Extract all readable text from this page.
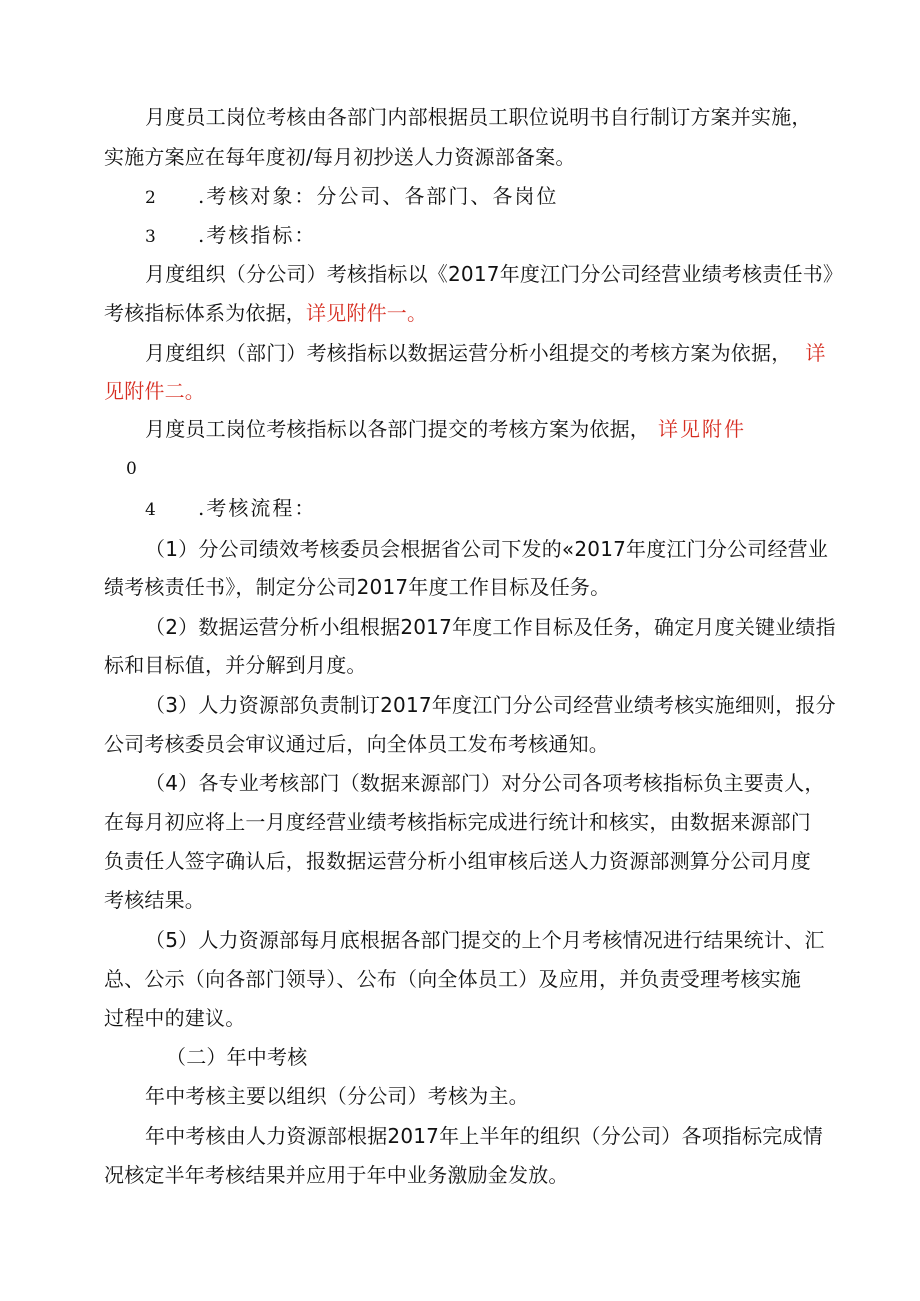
月度员工岗位考核由各部门内部根据员工职位说明书自行制订方案并实施，

实施方案应在每年度初/每月初抄送人力资源部备案。

2 .考核对象：分公司、各部门、各岗位

3 .考核指标：

月度组织（分公司）考核指标以《2017年度江门分公司经营业绩考核责任书》

考核指标体系为依据，详见附件一。

月度组织（部门）考核指标以数据运营分析小组提交的考核方案为依据， 详

见附件二。

月度员工岗位考核指标以各部门提交的考核方案为依据， 详见附件

0

4 .考核流程：

（1）分公司绩效考核委员会根据省公司下发的«2017年度江门分公司经营业

绩考核责任书》，制定分公司2017年度工作目标及任务。

（2）数据运营分析小组根据2017年度工作目标及任务，确定月度关键业绩指

标和目标值，并分解到月度。

（3）人力资源部负责制订2017年度江门分公司经营业绩考核实施细则，报分

公司考核委员会审议通过后，向全体员工发布考核通知。

（4）各专业考核部门（数据来源部门）对分公司各项考核指标负主要责人，

在每月初应将上一月度经营业绩考核指标完成进行统计和核实，由数据来源部门

负责任人签字确认后，报数据运营分析小组审核后送人力资源部测算分公司月度

考核结果。

（5）人力资源部每月底根据各部门提交的上个月考核情况进行结果统计、汇

总、公示（向各部门领导）、公布（向全体员工）及应用，并负责受理考核实施

过程中的建议。

（二）年中考核

年中考核主要以组织（分公司）考核为主。

年中考核由人力资源部根据2017年上半年的组织（分公司）各项指标完成情

况核定半年考核结果并应用于年中业务激励金发放。
